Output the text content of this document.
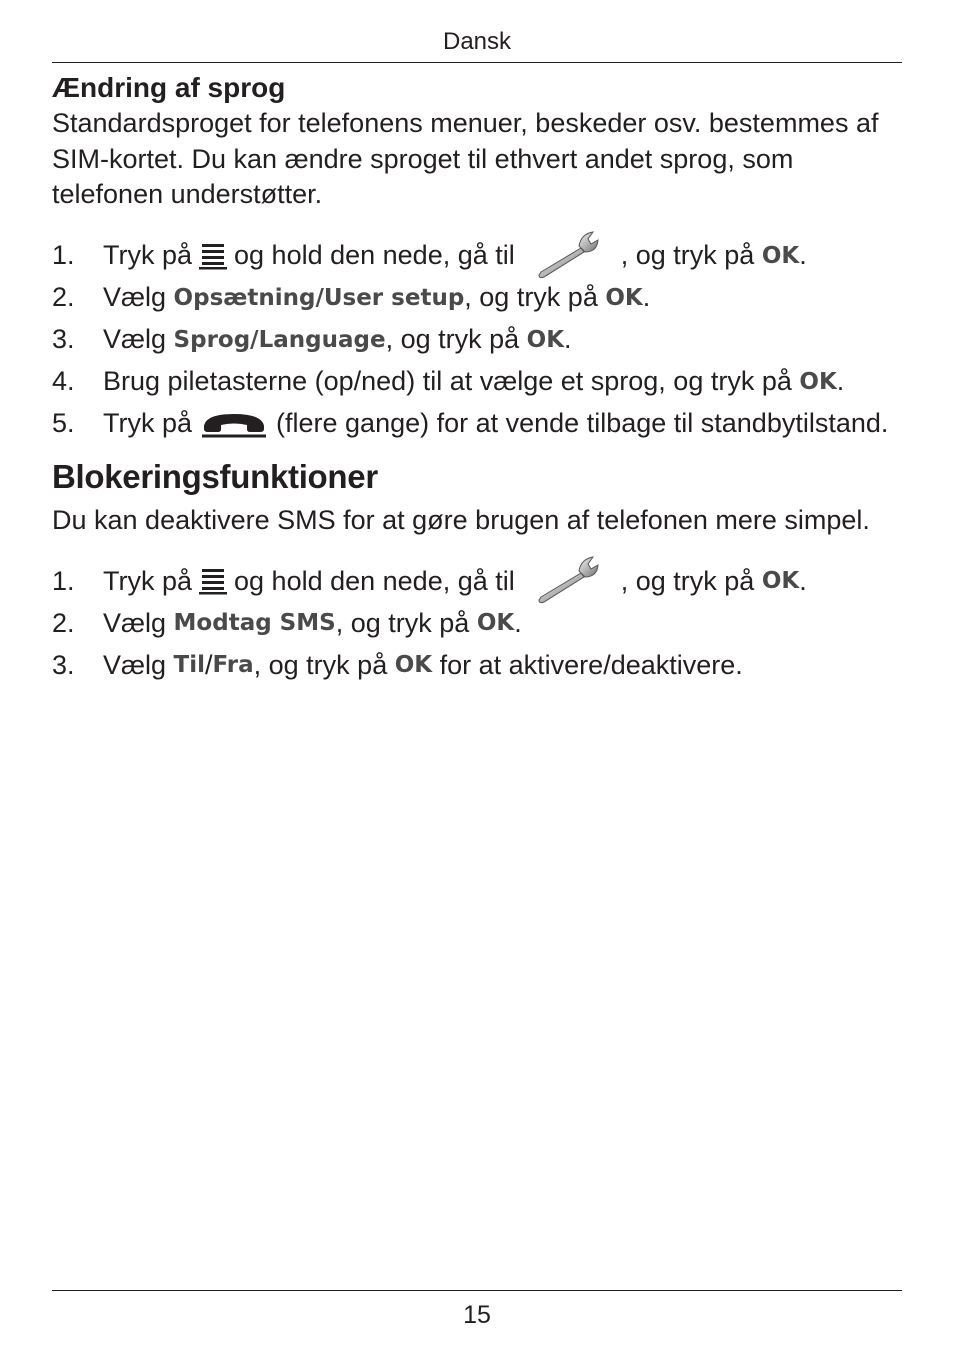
Dansk

Ændring af sprog

Standardsproget for telefonens menuer, beskeder osv. bestemmes af SIM-kortet. Du kan ændre sproget til ethvert andet sprog, som telefonen understøtter.

1.	Tryk på og hold den nede, gå til	, og tryk på
OK .
2.	Vælg
Opsætning/User setup , og tryk på
OK .
3.	Vælg
Sprog/Language , og tryk på
OK .
4.	Brug piletasterne (op/ned) til at vælge et sprog, og tryk på
OK .
5.	Tryk på	(flere gange) for at vende tilbage til standbytilstand.
Blokeringsfunktioner

Du kan deaktivere SMS for at gøre brugen af telefonen mere simpel.

1.	Tryk på og hold den nede, gå til	, og tryk på
OK .
2.	Vælg
Modtag SMS , og tryk på
OK .
3.	Vælg
Til / Fra , og tryk på
OK
for at aktivere/deaktivere.
15
